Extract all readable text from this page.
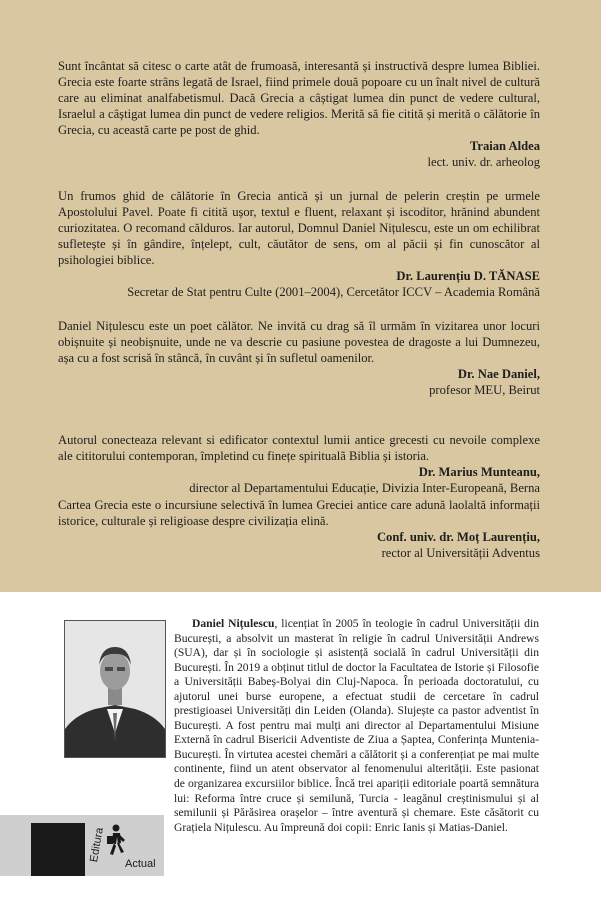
Sunt încântat să citesc o carte atât de frumoasă, interesantă și instructivă despre lumea Bibliei. Grecia este foarte strâns legată de Israel, fiind primele două popoare cu un înalt nivel de cultură care au eliminat analfabetismul. Dacă Grecia a câștigat lumea din punct de vedere cultural, Israelul a câștigat lumea din punct de vedere religios. Merită să fie citită și merită o călătorie în Grecia, cu această carte pe post de ghid.

Traian Aldea

lect. univ. dr. arheolog

Un frumos ghid de călătorie în Grecia antică și un jurnal de pelerin creștin pe urmele Apostolului Pavel. Poate fi citită ușor, textul e fluent, relaxant și iscoditor, hrănind abundent curiozitatea. O recomand călduros. Iar autorul, Domnul Daniel Nițulescu, este un om echilibrat sufletește și în gândire, înțelept, cult, căutător de sens, om al păcii și fin cunoscător al psihologiei biblice.

Dr. Laurențiu D. TĂNASE

Secretar de Stat pentru Culte (2001–2004), Cercetător ICCV – Academia Română

Daniel Nițulescu este un poet călător. Ne invită cu drag să îl urmăm în vizitarea unor locuri obișnuite și neobișnuite, unde ne va descrie cu pasiune povestea de dragoste a lui Dumnezeu, așa cu a fost scrisă în stâncă, în cuvânt și în sufletul oamenilor.

Dr. Nae Daniel,

profesor MEU, Beirut

Autorul conecteaza relevant si edificator contextul lumii antice grecesti cu nevoile complexe ale cititorului contemporan, împletind cu finețe spiritualã Biblia și istoria.

Dr. Marius Munteanu,

director al Departamentului Educație, Divizia Inter-Europeană, Berna

Cartea Grecia este o incursiune selectivă în lumea Greciei antice care adună laolaltă informații istorice, culturale și religioase despre civilizația elină.

Conf. univ. dr. Moț Laurențiu,

rector al Universității Adventus

Daniel Nițulescu, licențiat în 2005 în teologie în cadrul Universității din București, a absolvit un masterat în religie în cadrul Universității Andrews (SUA), dar și în sociologie și asistență socială în cadrul Universității din București. În 2019 a obținut titlul de doctor la Facultatea de Istorie și Filosofie a Universității Babeș-Bolyai din Cluj-Napoca. În perioada doctoratului, cu ajutorul unei burse europene, a efectuat studii de cercetare în cadrul prestigioasei Universități din Leiden (Olanda). Slujește ca pastor adventist în București. A fost pentru mai mulți ani director al Departamentului Misiune Externă în cadrul Bisericii Adventiste de Ziua a Șaptea, Conferința Muntenia-București. În virtutea acestei chemări a călătorit și a conferențiat pe mai multe continente, fiind un atent observator al fenomenului alterității. Este pasionat de organizarea excursiilor biblice. Încă trei apariții editoriale poartă semnătura lui: Reforma între cruce și semilună, Turcia - leagănul creștinismului și al semilunii și Părăsirea orașelor – între aventură și chemare. Este căsătorit cu Grațiela Nițulescu. Au împreună doi copii: Enric Ianis și Matias-Daniel.

Editura
Actual
